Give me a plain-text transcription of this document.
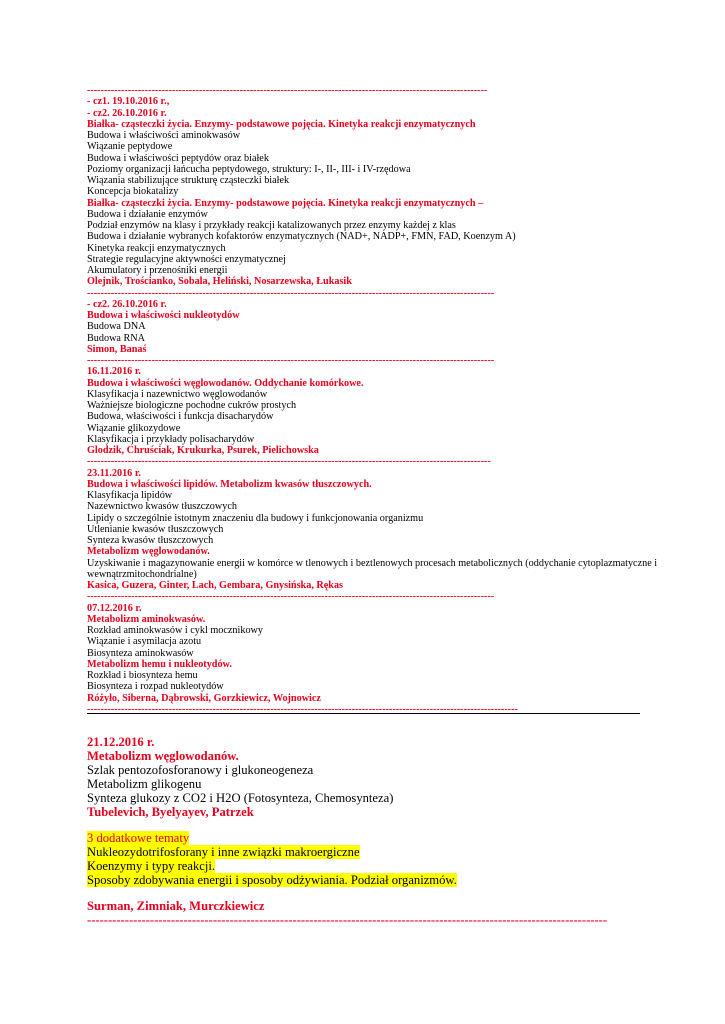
----------------------------------------------------------------------------------------------------------------------
- cz1. 19.10.2016 r.,
- cz2. 26.10.2016 r.
Białka- cząsteczki życia. Enzymy- podstawowe pojęcia. Kinetyka reakcji enzymatycznych
Budowa i właściwości aminokwasów
Wiązanie peptydowe
Budowa i właściwości peptydów oraz białek
Poziomy organizacji łańcucha peptydowego, struktury: I-, II-, III- i IV-rzędowa
Wiązania stabilizujące strukturę cząsteczki białek
Koncepcja biokatalizy
Białka- cząsteczki życia. Enzymy- podstawowe pojęcia. Kinetyka reakcji enzymatycznych –
Budowa i działanie enzymów
Podział enzymów na klasy i przykłady reakcji katalizowanych przez enzymy każdej z klas
Budowa i działanie wybranych kofaktorów enzymatycznych (NAD+, NADP+, FMN, FAD, Koenzym A)
Kinetyka reakcji enzymatycznych
Strategie regulacyjne aktywności enzymatycznej
Akumulatory i przenośniki energii
Olejnik, Trościanko, Sobala, Heliński, Nosarzewska, Łukasik
------------------------------------------------------------------------------------------------------------------------
- cz2. 26.10.2016 r.
Budowa i właściwości nukleotydów
Budowa DNA
Budowa RNA
Simon, Banaś
------------------------------------------------------------------------------------------------------------------------
16.11.2016 r.
Budowa i właściwości węglowodanów. Oddychanie komórkowe.
Klasyfikacja i nazewnictwo węglowodanów
Ważniejsze biologiczne pochodne cukrów prostych
Budowa, właściwości i funkcja disacharydów
Wiązanie glikozydowe
Klasyfikacja i przykłady polisacharydów
Glodzik, Chruściak, Krukurka, Psurek, Pielichowska
-----------------------------------------------------------------------------------------------------------------------
23.11.2016 r.
Budowa i właściwości lipidów. Metabolizm kwasów tłuszczowych.
Klasyfikacja lipidów
Nazewnictwo kwasów tłuszczowych
Lipidy o szczególnie istotnym znaczeniu dla budowy i funkcjonowania organizmu
Utlenianie kwasów tłuszczowych
Synteza kwasów tłuszczowych
Metabolizm węglowodanów.
Uzyskiwanie i magazynowanie energii w komórce w tlenowych i beztlenowych procesach metabolicznych (oddychanie cytoplazmatyczne i wewnątrzmitochondrialne)
Kasica, Guzera, Ginter, Lach, Gembara, Gnysińska, Rękas
------------------------------------------------------------------------------------------------------------------------
07.12.2016 r.
Metabolizm aminokwasów.
Rozkład aminokwasów i cykl mocznikowy
Wiązanie i asymilacja azotu
Biosynteza aminokwasów
Metabolizm hemu i nukleotydów.
Rozkład i biosynteza hemu
Biosynteza i rozpad nukleotydów
Różyło, Siberna, Dąbrowski, Gorzkiewicz, Wojnowicz
-------------------------------------------------------------------------------------------------------------------------------
21.12.2016 r.
Metabolizm węglowodanów.
Szlak pentozofosforanowy i glukoneogeneza
Metabolizm glikogenu
Synteza glukozy z CO2 i H2O (Fotosynteza, Chemosynteza)
Tubelevich, Byelyayev, Patrzek
3 dodatkowe tematy
Nukleozydotrifosforany i inne związki makroergiczne
Koenzymy i typy reakcji.
Sposoby zdobywania energii i sposoby odżywiania. Podział organizmów.
Surman, Zimniak, Murczkiewicz
----------------------------------------------------------------------------------------------------------------------------
